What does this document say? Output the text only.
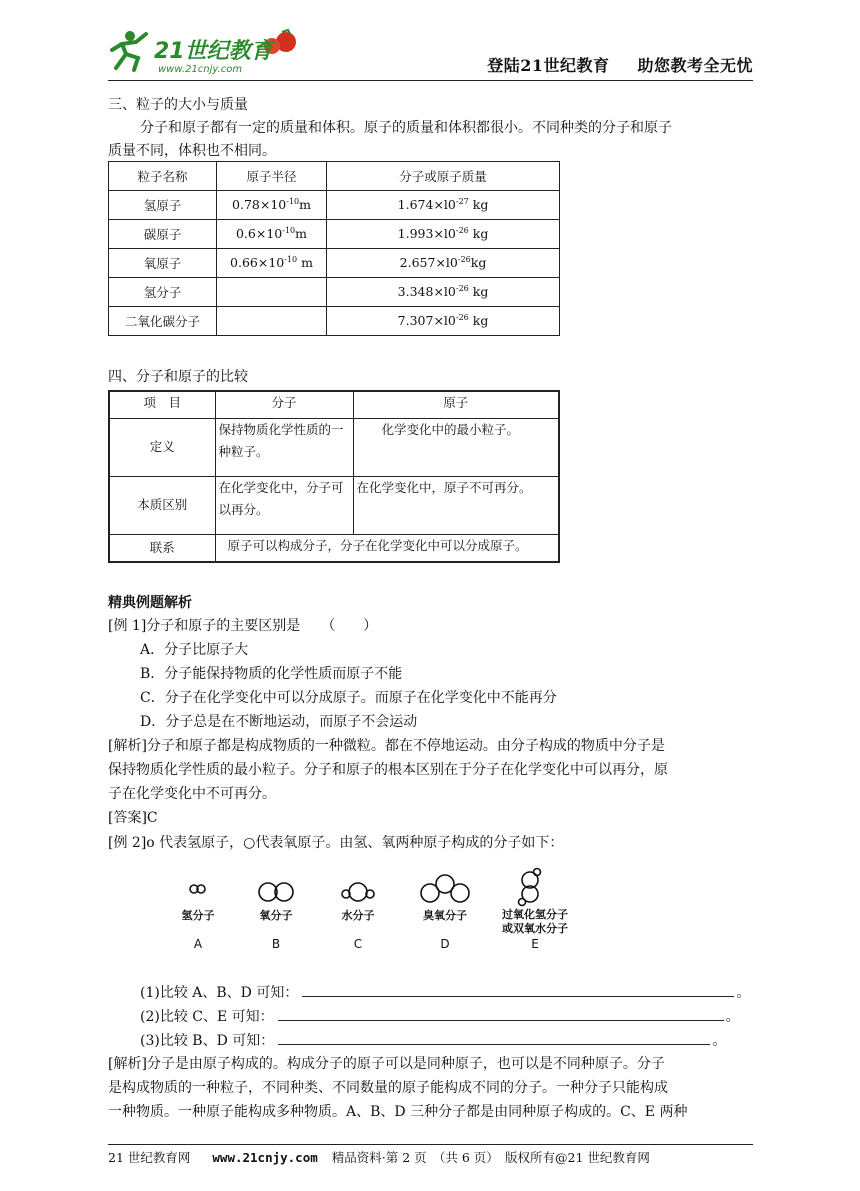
21世纪教育
www.21cnjy.com	登陆21世纪教育 助您教考全无忧
三、粒子的大小与质量
分子和原子都有一定的质量和体积。原子的质量和体积都很小。不同种类的分子和原子
质量不同，体积也不相同。
粒子名称	原子半径	分子或原子质量
氢原子	$0.78\times 10^{-10}m$	$1.674\times l0^{-27}$ kg
碳原子	$0.6\times 10^{-10}m$	$1.993\times l0^{-26}$ kg
氧原子	$0.66\times 10^{-10}$ m	$2.657\times l0^{-26}kg$
氢分子		$3.348\times l0^{-26}$ kg
二氧化碳分子		$7.307\times l0^{-26}$ kg
四、分子和原子的比较
项　目	分子	原子
定义	保持物质化学性质的一种粒子。	化学变化中的最小粒子。
本质区别	在化学变化中，分子可以再分。	在化学变化中，原子不可再分。
联系	原子可以构成分子，分子在化学变化中可以分成原子。	
精典例题解析
[例 1]分子和原子的主要区别是　　（　　）
A．分子比原子大
B．分子能保持物质的化学性质而原子不能
C．分子在化学变化中可以分成原子。而原子在化学变化中不能再分
D．分子总是在不断地运动，而原子不会运动
[解析]分子和原子都是构成物质的一种微粒。都在不停地运动。由分子构成的物质中分子是
保持物质化学性质的最小粒子。分子和原子的根本区别在于分子在化学变化中可以再分，原
子在化学变化中不可再分。
[答案]C
[例 2]o 代表氢原子，○代表氧原子。由氢、氧两种原子构成的分子如下：
氢分子	氧分子	水分子	臭氧分子	过氧化氢分子
或双氧水分子
A	B	C	D	E
(1)比较 A、B、D 可知：	。
(2)比较 C、E 可知：	。
(3)比较 B、D 可知：	。
[解析]分子是由原子构成的。构成分子的原子可以是同种原子，也可以是不同种原子。分子
是构成物质的一种粒子，不同种类、不同数量的原子能构成不同的分子。一种分子只能构成
一种物质。一种原子能构成多种物质。A、B、D 三种分子都是由同种原子构成的。C、E 两种
21 世纪教育网 www.21cnjy.com 精品资料·第 2 页　（共 6 页）　版权所有@21 世纪教育网
